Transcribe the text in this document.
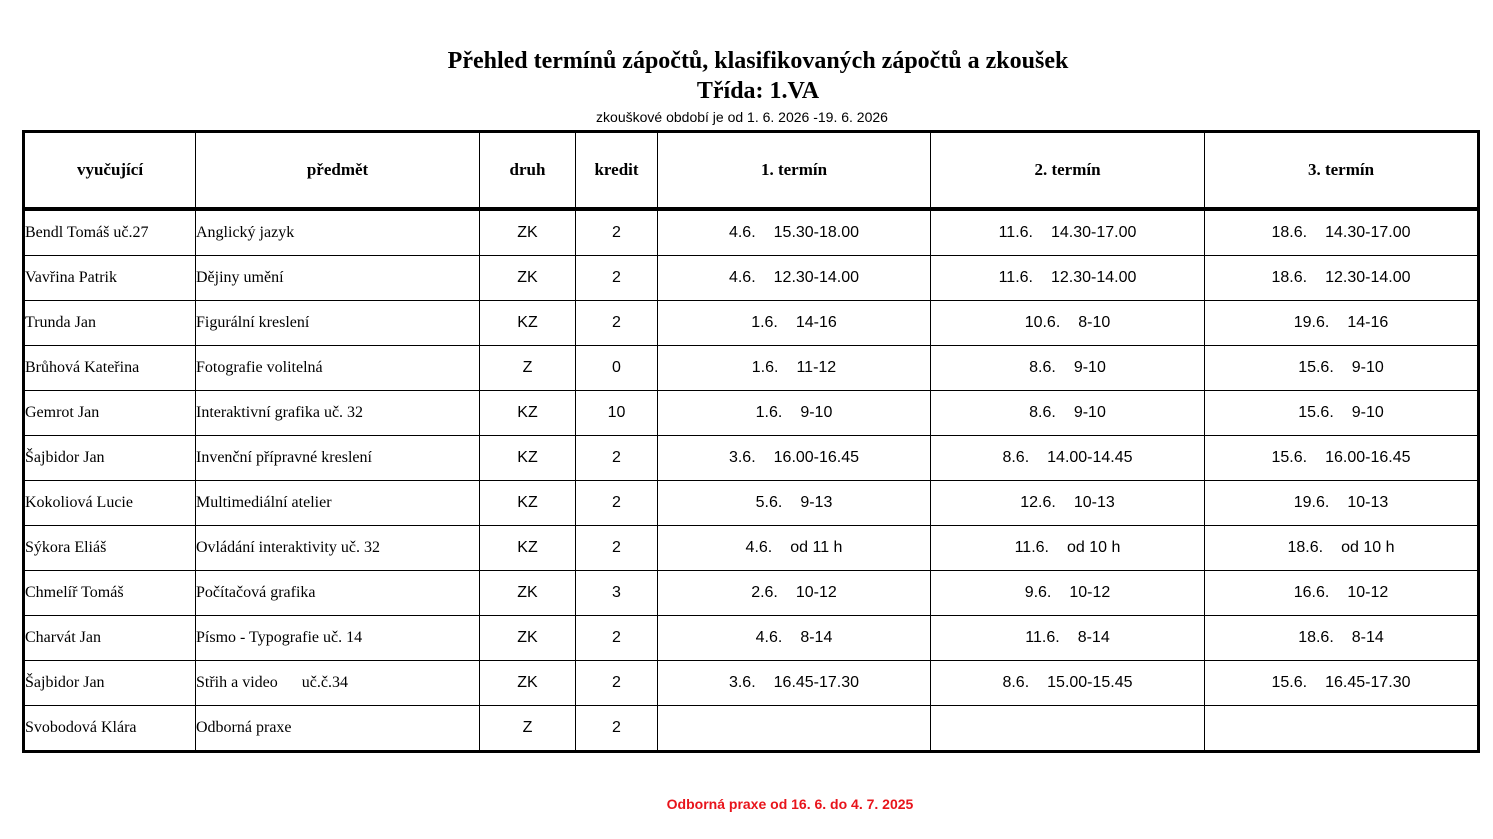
Přehled termínů zápočtů, klasifikovaných zápočtů a zkoušek
Třída: 1.VA
zkouškové období je od 1. 6. 2026 -19. 6. 2026
vyučující	předmět	druh	kredit	1. termín	2. termín	3. termín
Bendl Tomáš uč.27	Anglický jazyk	ZK	2	4.6. 15.30-18.00	11.6. 14.30-17.00	18.6. 14.30-17.00
Vavřina Patrik	Dějiny umění	ZK	2	4.6. 12.30-14.00	11.6. 12.30-14.00	18.6. 12.30-14.00
Trunda Jan	Figurální kreslení	KZ	2	1.6. 14-16	10.6. 8-10	19.6. 14-16
Brůhová Kateřina	Fotografie volitelná	Z	0	1.6. 11-12	8.6. 9-10	15.6. 9-10
Gemrot Jan	Interaktivní grafika uč. 32	KZ	10	1.6. 9-10	8.6. 9-10	15.6. 9-10
Šajbidor Jan	Invenční přípravné kreslení	KZ	2	3.6. 16.00-16.45	8.6. 14.00-14.45	15.6. 16.00-16.45
Kokoliová Lucie	Multimediální atelier	KZ	2	5.6. 9-13	12.6. 10-13	19.6. 10-13
Sýkora Eliáš	Ovládání interaktivity uč. 32	KZ	2	4.6. od 11 h	11.6. od 10 h	18.6. od 10 h
Chmelíř Tomáš	Počítačová grafika	ZK	3	2.6. 10-12	9.6. 10-12	16.6. 10-12
Charvát Jan	Písmo - Typografie uč. 14	ZK	2	4.6. 8-14	11.6. 8-14	18.6. 8-14
Šajbidor Jan	Střih a video      uč.č.34	ZK	2	3.6. 16.45-17.30	8.6. 15.00-15.45	15.6. 16.45-17.30
Svobodová Klára	Odborná praxe	Z	2			
Odborná praxe od 16. 6. do 4. 7. 2025
